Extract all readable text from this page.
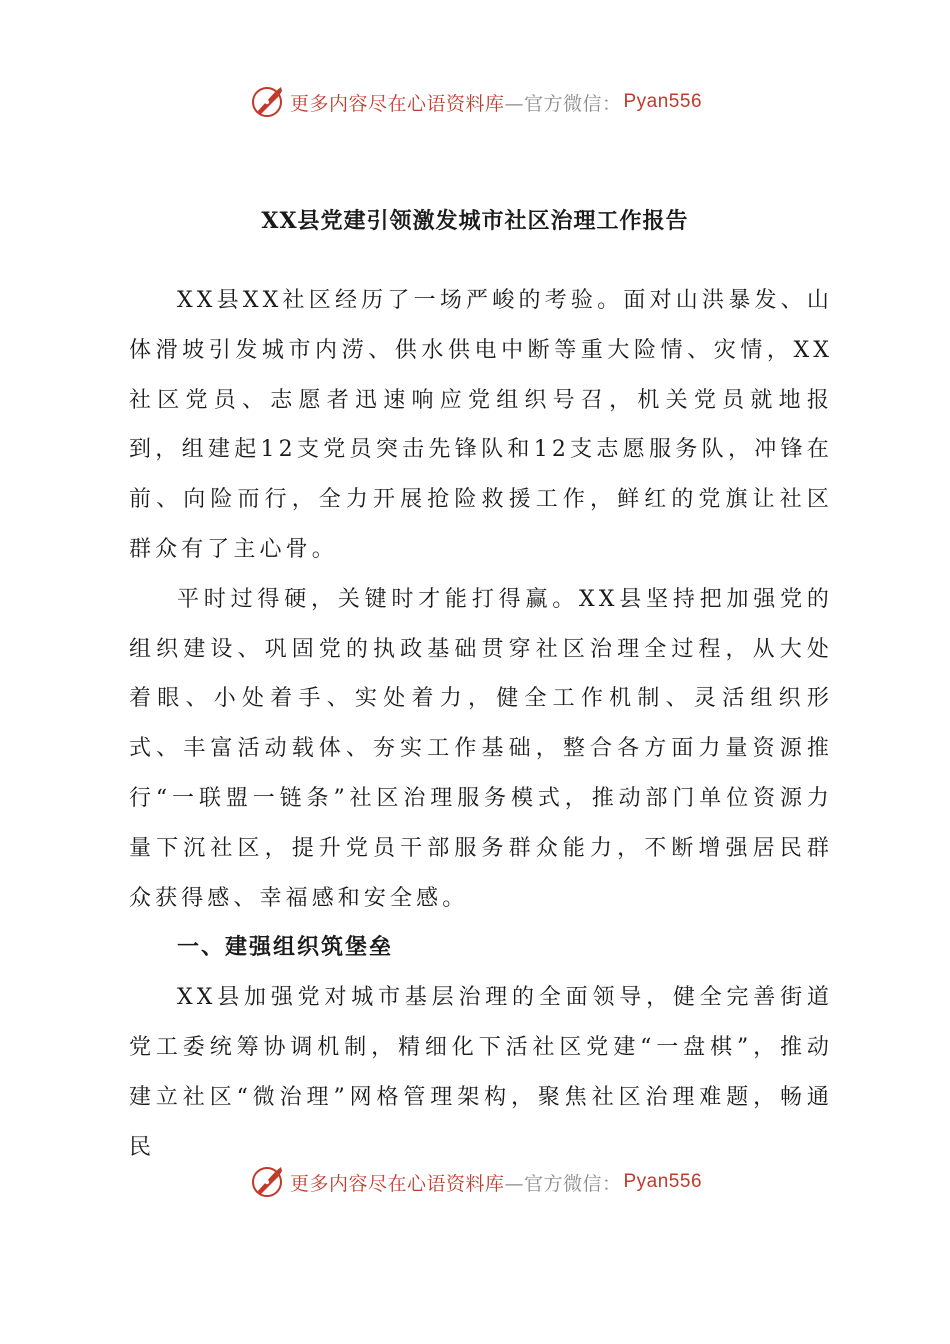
更多内容尽在心语资料库 —官方微信： Pyan556
XX县党建引领激发城市社区治理工作报告

XX县XX社区经历了一场严峻的考验。面对山洪暴发、山体滑坡引发城市内涝、供水供电中断等重大险情、灾情，XX社区党员、志愿者迅速响应党组织号召，机关党员就地报到，组建起12支党员突击先锋队和12支志愿服务队，冲锋在前、向险而行，全力开展抢险救援工作，鲜红的党旗让社区群众有了主心骨。

平时过得硬，关键时才能打得赢。XX县坚持把加强党的组织建设、巩固党的执政基础贯穿社区治理全过程，从大处着眼、小处着手、实处着力，健全工作机制、灵活组织形式、丰富活动载体、夯实工作基础，整合各方面力量资源推行“一联盟一链条”社区治理服务模式，推动部门单位资源力量下沉社区，提升党员干部服务群众能力，不断增强居民群众获得感、幸福感和安全感。

一、建强组织筑堡垒

XX县加强党对城市基层治理的全面领导，健全完善街道党工委统筹协调机制，精细化下活社区党建“一盘棋”，推动建立社区“微治理”网格管理架构，聚焦社区治理难题，畅通民

更多内容尽在心语资料库 —官方微信： Pyan556
